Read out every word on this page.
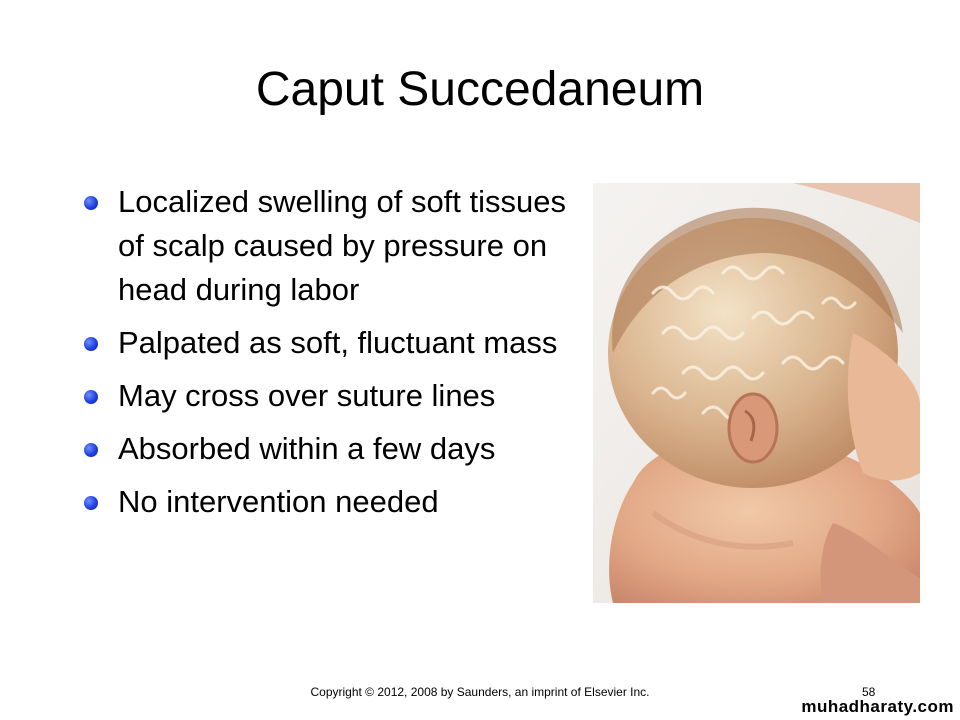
Caput Succedaneum
Localized swelling of soft tissues of scalp caused by pressure on head during labor
Palpated as soft, fluctuant mass
May cross over suture lines
Absorbed within a few days
No intervention needed
Copyright © 2012, 2008 by Saunders, an imprint of Elsevier Inc.	58
muhadharaty.com
